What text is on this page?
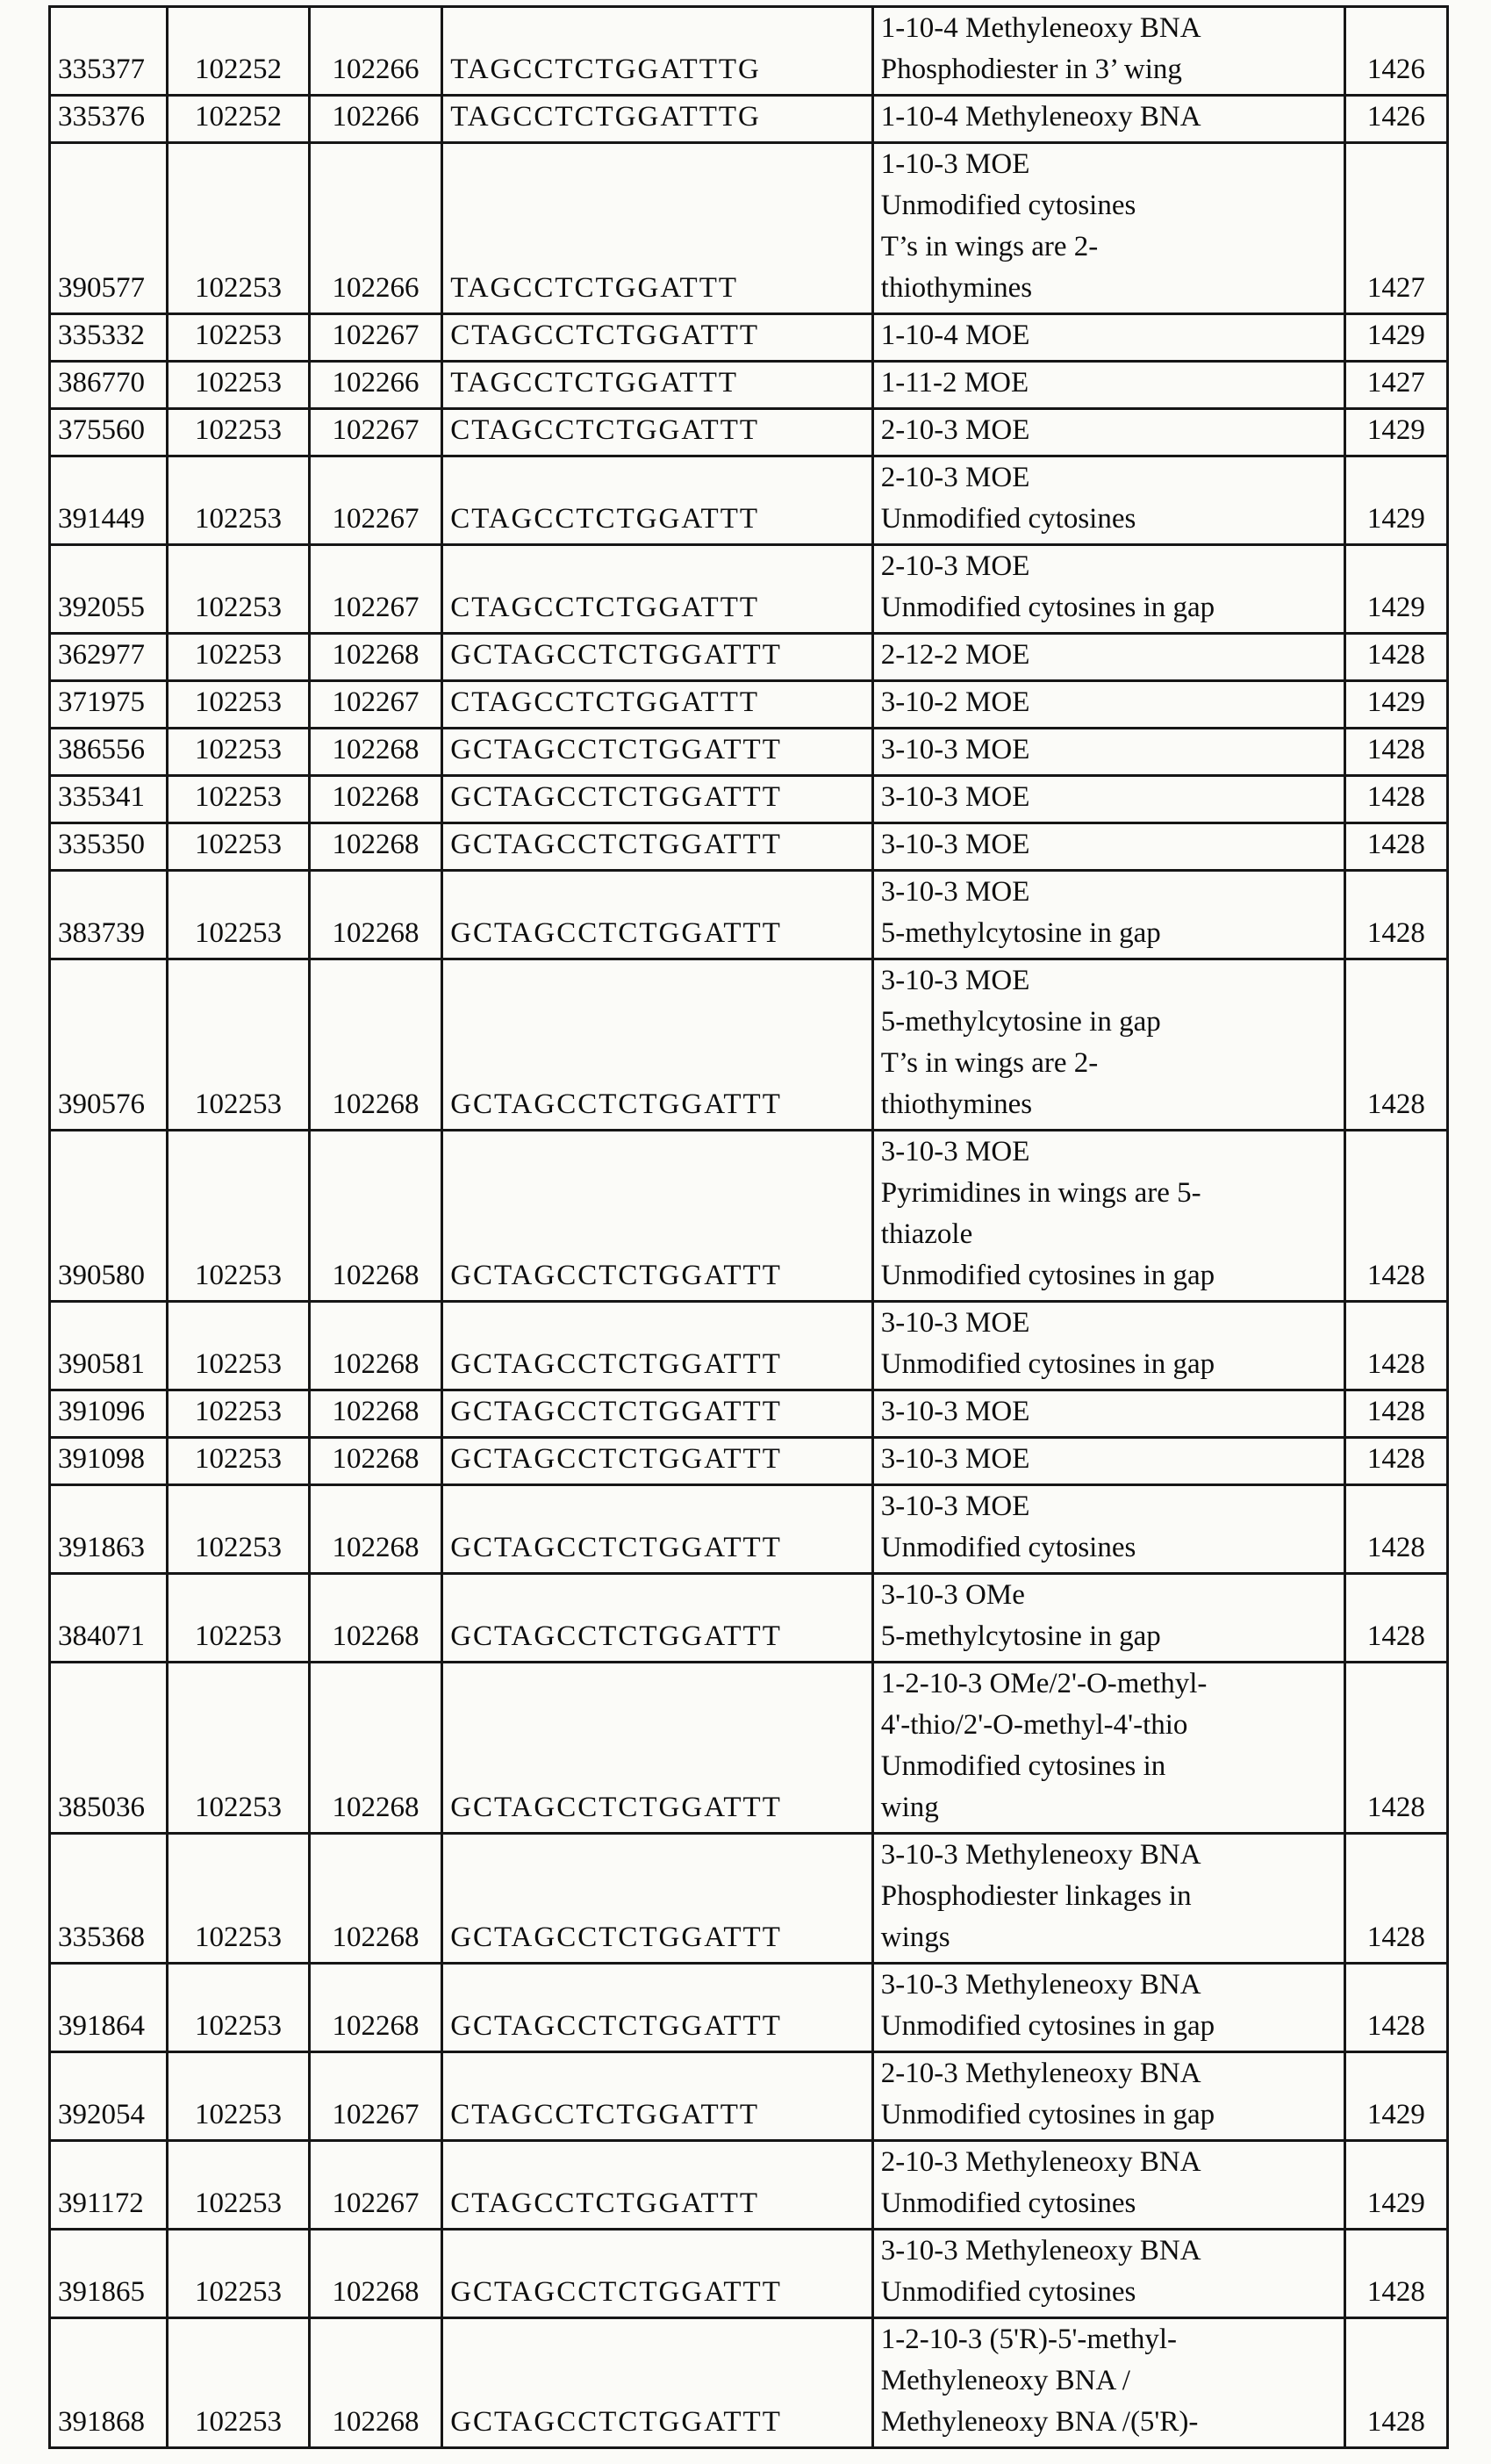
335377	102252	102266	TAGCCTCTGGATTTG	1-10-4 Methyleneoxy BNA
Phosphodiester in 3’ wing	1426
335376	102252	102266	TAGCCTCTGGATTTG	1-10-4 Methyleneoxy BNA	1426
390577	102253	102266	TAGCCTCTGGATTT	1-10-3 MOE
Unmodified cytosines
T’s in wings are 2-
thiothymines	1427
335332	102253	102267	CTAGCCTCTGGATTT	1-10-4 MOE	1429
386770	102253	102266	TAGCCTCTGGATTT	1-11-2 MOE	1427
375560	102253	102267	CTAGCCTCTGGATTT	2-10-3 MOE	1429
391449	102253	102267	CTAGCCTCTGGATTT	2-10-3 MOE
Unmodified cytosines	1429
392055	102253	102267	CTAGCCTCTGGATTT	2-10-3 MOE
Unmodified cytosines in gap	1429
362977	102253	102268	GCTAGCCTCTGGATTT	2-12-2 MOE	1428
371975	102253	102267	CTAGCCTCTGGATTT	3-10-2 MOE	1429
386556	102253	102268	GCTAGCCTCTGGATTT	3-10-3 MOE	1428
335341	102253	102268	GCTAGCCTCTGGATTT	3-10-3 MOE	1428
335350	102253	102268	GCTAGCCTCTGGATTT	3-10-3 MOE	1428
383739	102253	102268	GCTAGCCTCTGGATTT	3-10-3 MOE
5-methylcytosine in gap	1428
390576	102253	102268	GCTAGCCTCTGGATTT	3-10-3 MOE
5-methylcytosine in gap
T’s in wings are 2-
thiothymines	1428
390580	102253	102268	GCTAGCCTCTGGATTT	3-10-3 MOE
Pyrimidines in wings are 5-
thiazole
Unmodified cytosines in gap	1428
390581	102253	102268	GCTAGCCTCTGGATTT	3-10-3 MOE
Unmodified cytosines in gap	1428
391096	102253	102268	GCTAGCCTCTGGATTT	3-10-3 MOE	1428
391098	102253	102268	GCTAGCCTCTGGATTT	3-10-3 MOE	1428
391863	102253	102268	GCTAGCCTCTGGATTT	3-10-3 MOE
Unmodified cytosines	1428
384071	102253	102268	GCTAGCCTCTGGATTT	3-10-3 OMe
5-methylcytosine in gap	1428
385036	102253	102268	GCTAGCCTCTGGATTT	1-2-10-3 OMe/2'-O-methyl-
4'-thio/2'-O-methyl-4'-thio
Unmodified cytosines in
wing	1428
335368	102253	102268	GCTAGCCTCTGGATTT	3-10-3 Methyleneoxy BNA
Phosphodiester linkages in
wings	1428
391864	102253	102268	GCTAGCCTCTGGATTT	3-10-3 Methyleneoxy BNA
Unmodified cytosines in gap	1428
392054	102253	102267	CTAGCCTCTGGATTT	2-10-3 Methyleneoxy BNA
Unmodified cytosines in gap	1429
391172	102253	102267	CTAGCCTCTGGATTT	2-10-3 Methyleneoxy BNA
Unmodified cytosines	1429
391865	102253	102268	GCTAGCCTCTGGATTT	3-10-3 Methyleneoxy BNA
Unmodified cytosines	1428
391868	102253	102268	GCTAGCCTCTGGATTT	1-2-10-3 (5'R)-5'-methyl-
Methyleneoxy BNA /
Methyleneoxy BNA /(5'R)-	1428
